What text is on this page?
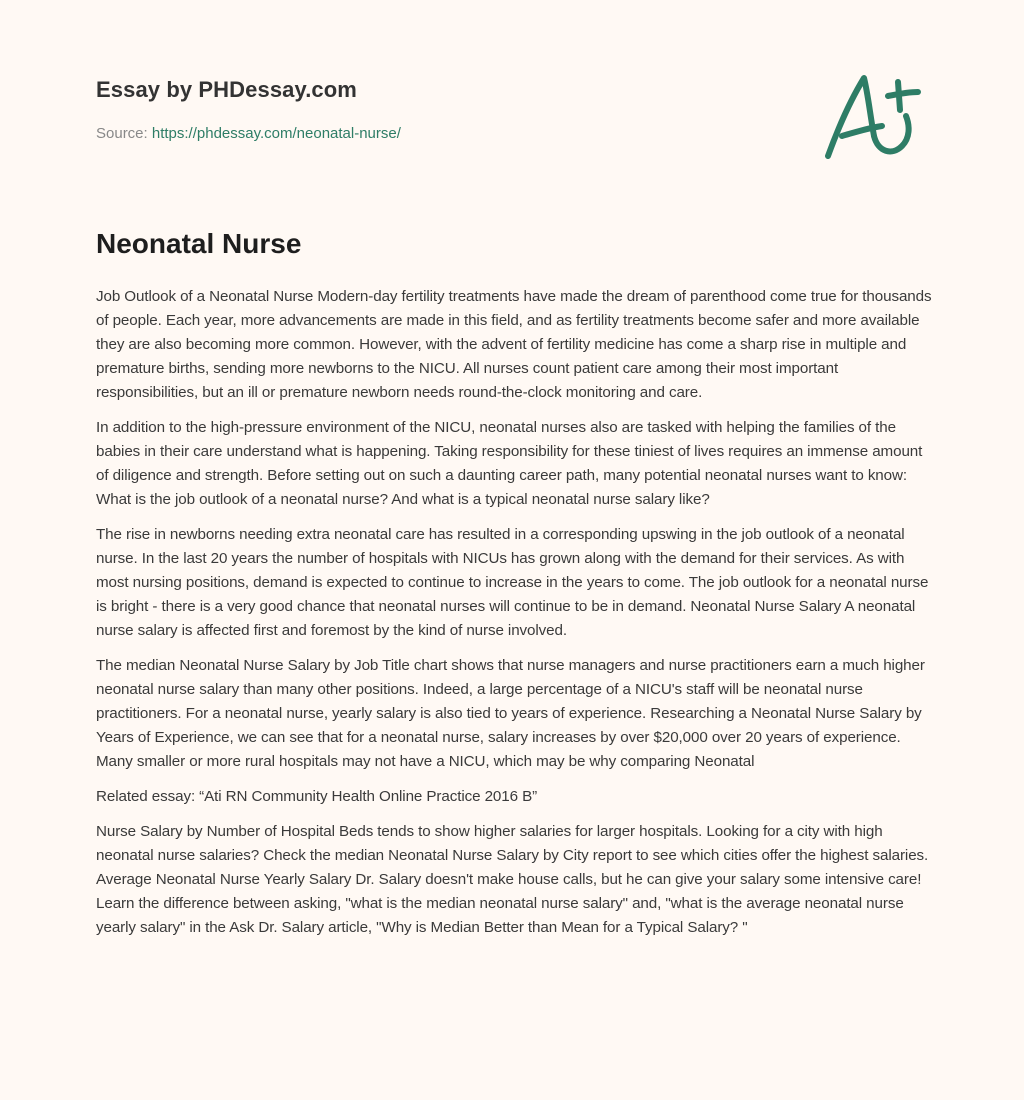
Essay by PHDessay.com
Source: https://phdessay.com/neonatal-nurse/
Neonatal Nurse

Job Outlook of a Neonatal Nurse Modern-day fertility treatments have made the dream of parenthood come true for thousands of people. Each year, more advancements are made in this field, and as fertility treatments become safer and more available they are also becoming more common. However, with the advent of fertility medicine has come a sharp rise in multiple and premature births, sending more newborns to the NICU. All nurses count patient care among their most important responsibilities, but an ill or premature newborn needs round-the-clock monitoring and care.

In addition to the high-pressure environment of the NICU, neonatal nurses also are tasked with helping the families of the babies in their care understand what is happening. Taking responsibility for these tiniest of lives requires an immense amount of diligence and strength. Before setting out on such a daunting career path, many potential neonatal nurses want to know: What is the job outlook of a neonatal nurse? And what is a typical neonatal nurse salary like?

The rise in newborns needing extra neonatal care has resulted in a corresponding upswing in the job outlook of a neonatal nurse. In the last 20 years the number of hospitals with NICUs has grown along with the demand for their services. As with most nursing positions, demand is expected to continue to increase in the years to come. The job outlook for a neonatal nurse is bright - there is a very good chance that neonatal nurses will continue to be in demand. Neonatal Nurse Salary A neonatal nurse salary is affected first and foremost by the kind of nurse involved.

The median Neonatal Nurse Salary by Job Title chart shows that nurse managers and nurse practitioners earn a much higher neonatal nurse salary than many other positions. Indeed, a large percentage of a NICU's staff will be neonatal nurse practitioners. For a neonatal nurse, yearly salary is also tied to years of experience. Researching a Neonatal Nurse Salary by Years of Experience, we can see that for a neonatal nurse, salary increases by over $20,000 over 20 years of experience. Many smaller or more rural hospitals may not have a NICU, which may be why comparing Neonatal

Related essay: “Ati RN Community Health Online Practice 2016 B”

Nurse Salary by Number of Hospital Beds tends to show higher salaries for larger hospitals. Looking for a city with high neonatal nurse salaries? Check the median Neonatal Nurse Salary by City report to see which cities offer the highest salaries. Average Neonatal Nurse Yearly Salary Dr. Salary doesn't make house calls, but he can give your salary some intensive care! Learn the difference between asking, "what is the median neonatal nurse salary" and, "what is the average neonatal nurse yearly salary" in the Ask Dr. Salary article, "Why is Median Better than Mean for a Typical Salary? "
